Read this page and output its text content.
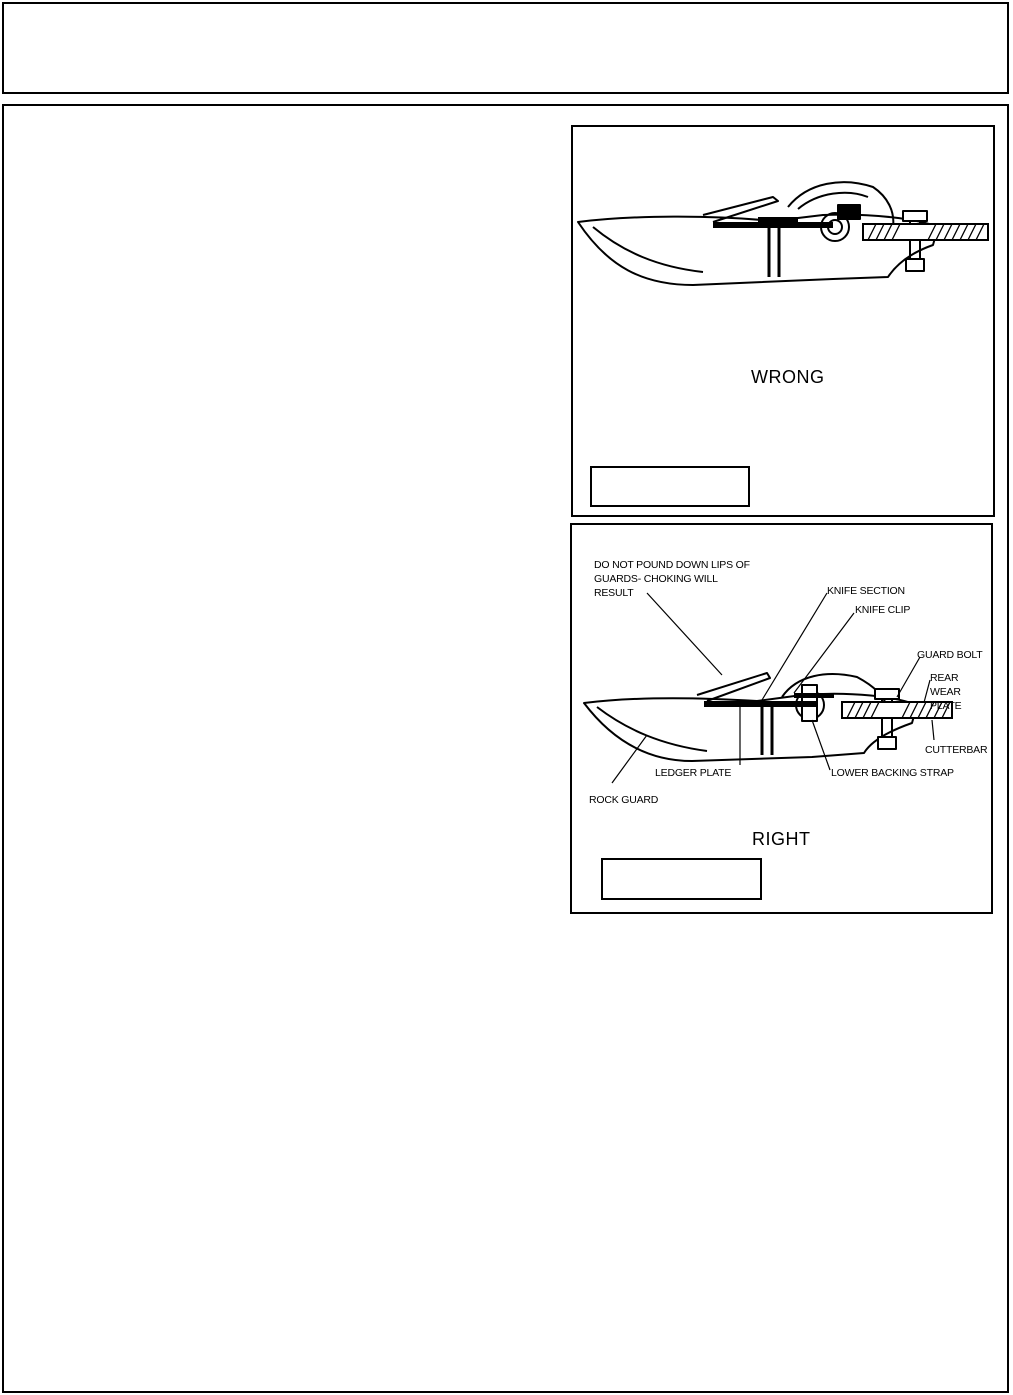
WRONG
DO NOT POUND DOWN LIPS OF
GUARDS- CHOKING WILL
RESULT	KNIFE SECTION
KNIFE CLIP
GUARD BOLT
REAR
WEAR
PLATE
CUTTERBAR
LEDGER PLATE	LOWER BACKING STRAP
ROCK GUARD
RIGHT
